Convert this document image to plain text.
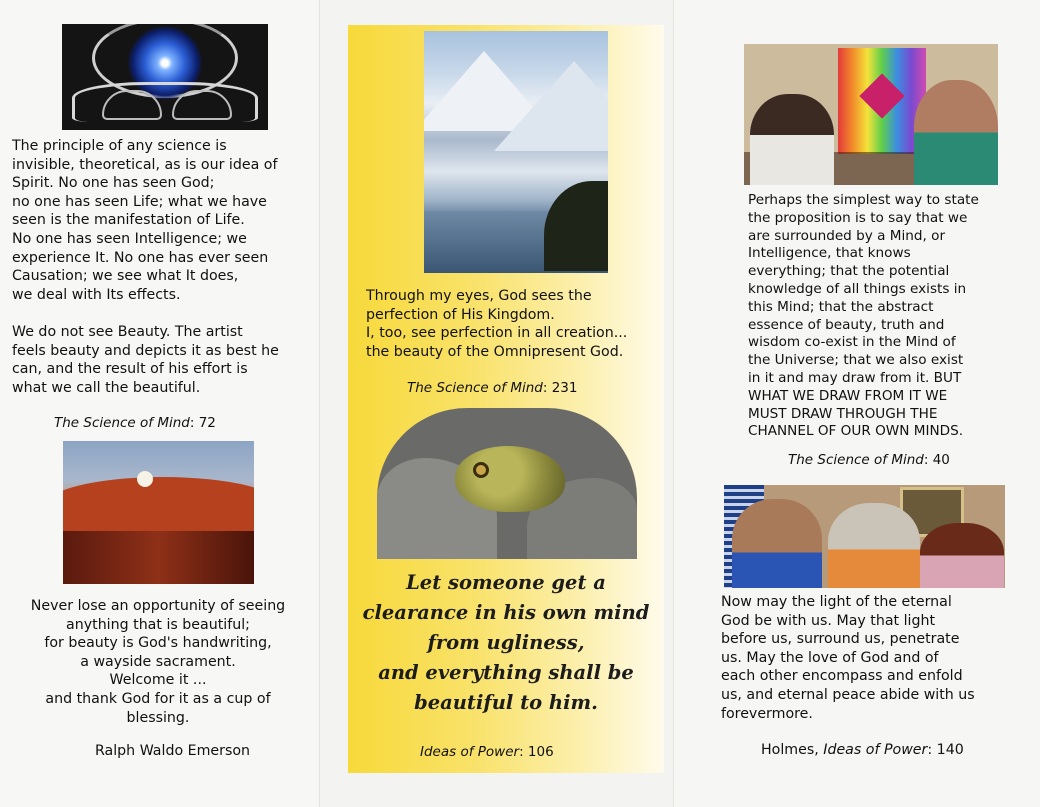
The principle of any science is
invisible, theoretical, as is our idea of
Spirit. No one has seen God;
no one has seen Life; what we have
seen is the manifestation of Life.
No one has seen Intelligence; we
experience It. No one has ever seen
Causation; we see what It does,
we deal with Its effects.
We do not see Beauty. The artist
feels beauty and depicts it as best he
can, and the result of his effort is
what we call the beautiful.
The Science of Mind: 72
Never lose an opportunity of seeing
anything that is beautiful;
for beauty is God's handwriting,
a wayside sacrament.
Welcome it ...
and thank God for it as a cup of
blessing.
Ralph Waldo Emerson
Through my eyes, God sees the
perfection of His Kingdom.
I, too, see perfection in all creation...
the beauty of the Omnipresent God.
The Science of Mind: 231
Let someone get a
clearance in his own mind
from ugliness,
and everything shall be
beautiful to him.
Ideas of Power: 106
Perhaps the simplest way to state
the proposition is to say that we
are surrounded by a Mind, or
Intelligence, that knows
everything; that the potential
knowledge of all things exists in
this Mind; that the abstract
essence of beauty, truth and
wisdom co-exist in the Mind of
the Universe; that we also exist
in it and may draw from it. BUT
WHAT WE DRAW FROM IT WE
MUST DRAW THROUGH THE
CHANNEL OF OUR OWN MINDS.
The Science of Mind: 40
Now may the light of the eternal
God be with us. May that light
before us, surround us, penetrate
us. May the love of God and of
each other encompass and enfold
us, and eternal peace abide with us
forevermore.
Holmes, Ideas of Power: 140
